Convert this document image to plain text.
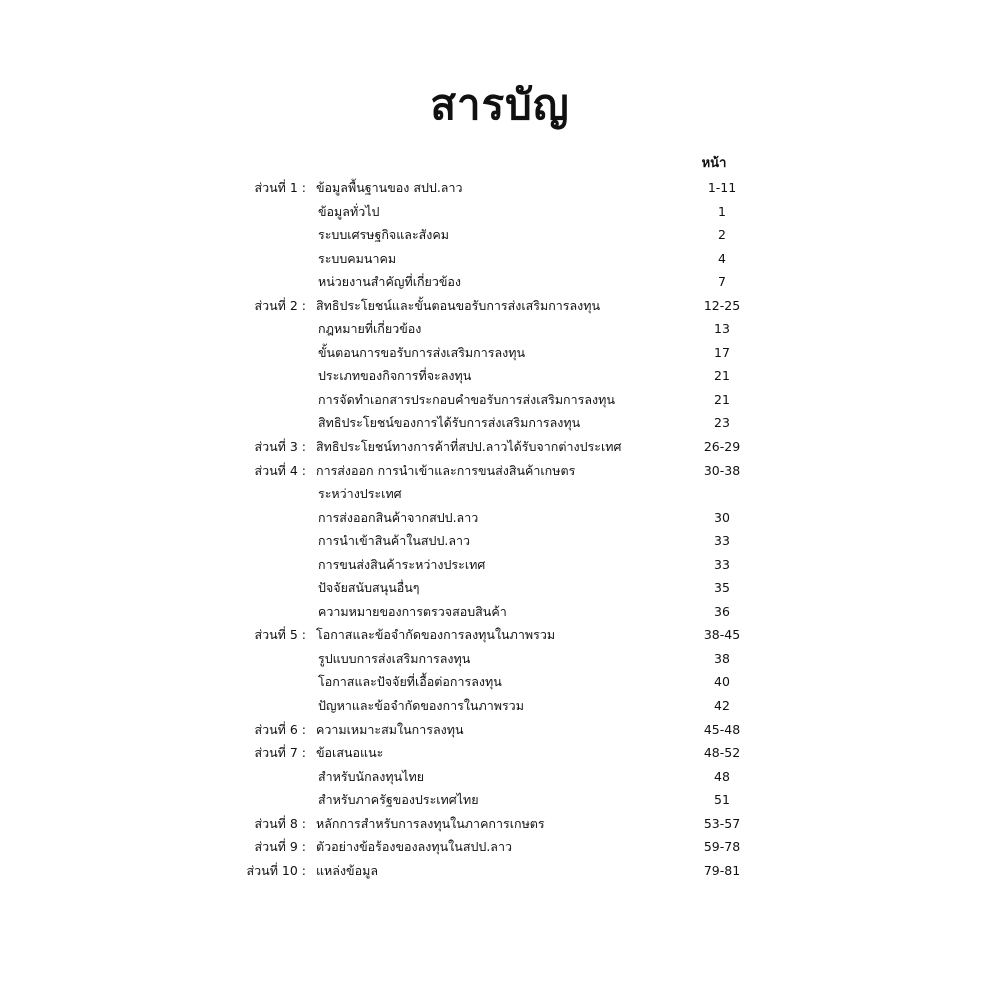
สารบัญ
หน้า
ส่วนที่ 1 : ข้อมูลพื้นฐานของ สปป.ลาว	1-11
ข้อมูลทั่วไป	1
ระบบเศรษฐกิจและสังคม	2
ระบบคมนาคม	4
หน่วยงานสำคัญที่เกี่ยวข้อง	7
ส่วนที่ 2 : สิทธิประโยชน์และขั้นตอนขอรับการส่งเสริมการลงทุน	12-25
กฎหมายที่เกี่ยวข้อง	13
ขั้นตอนการขอรับการส่งเสริมการลงทุน	17
ประเภทของกิจการที่จะลงทุน	21
การจัดทำเอกสารประกอบคำขอรับการส่งเสริมการลงทุน	21
สิทธิประโยชน์ของการได้รับการส่งเสริมการลงทุน	23
ส่วนที่ 3 : สิทธิประโยชน์ทางการค้าที่สปป.ลาวได้รับจากต่างประเทศ	26-29
ส่วนที่ 4 : การส่งออก การนำเข้าและการขนส่งสินค้าเกษตร	30-38
ระหว่างประเทศ
การส่งออกสินค้าจากสปป.ลาว	30
การนำเข้าสินค้าในสปป.ลาว	33
การขนส่งสินค้าระหว่างประเทศ	33
ปัจจัยสนับสนุนอื่นๆ	35
ความหมายของการตรวจสอบสินค้า	36
ส่วนที่ 5 : โอกาสและข้อจำกัดของการลงทุนในภาพรวม	38-45
รูปแบบการส่งเสริมการลงทุน	38
โอกาสและปัจจัยที่เอื้อต่อการลงทุน	40
ปัญหาและข้อจำกัดของการในภาพรวม	42
ส่วนที่ 6 : ความเหมาะสมในการลงทุน	45-48
ส่วนที่ 7 : ข้อเสนอแนะ	48-52
สำหรับนักลงทุนไทย	48
สำหรับภาครัฐของประเทศไทย	51
ส่วนที่ 8 : หลักการสำหรับการลงทุนในภาคการเกษตร	53-57
ส่วนที่ 9 : ตัวอย่างข้อร้องของลงทุนในสปป.ลาว	59-78
ส่วนที่ 10 : แหล่งข้อมูล	79-81
